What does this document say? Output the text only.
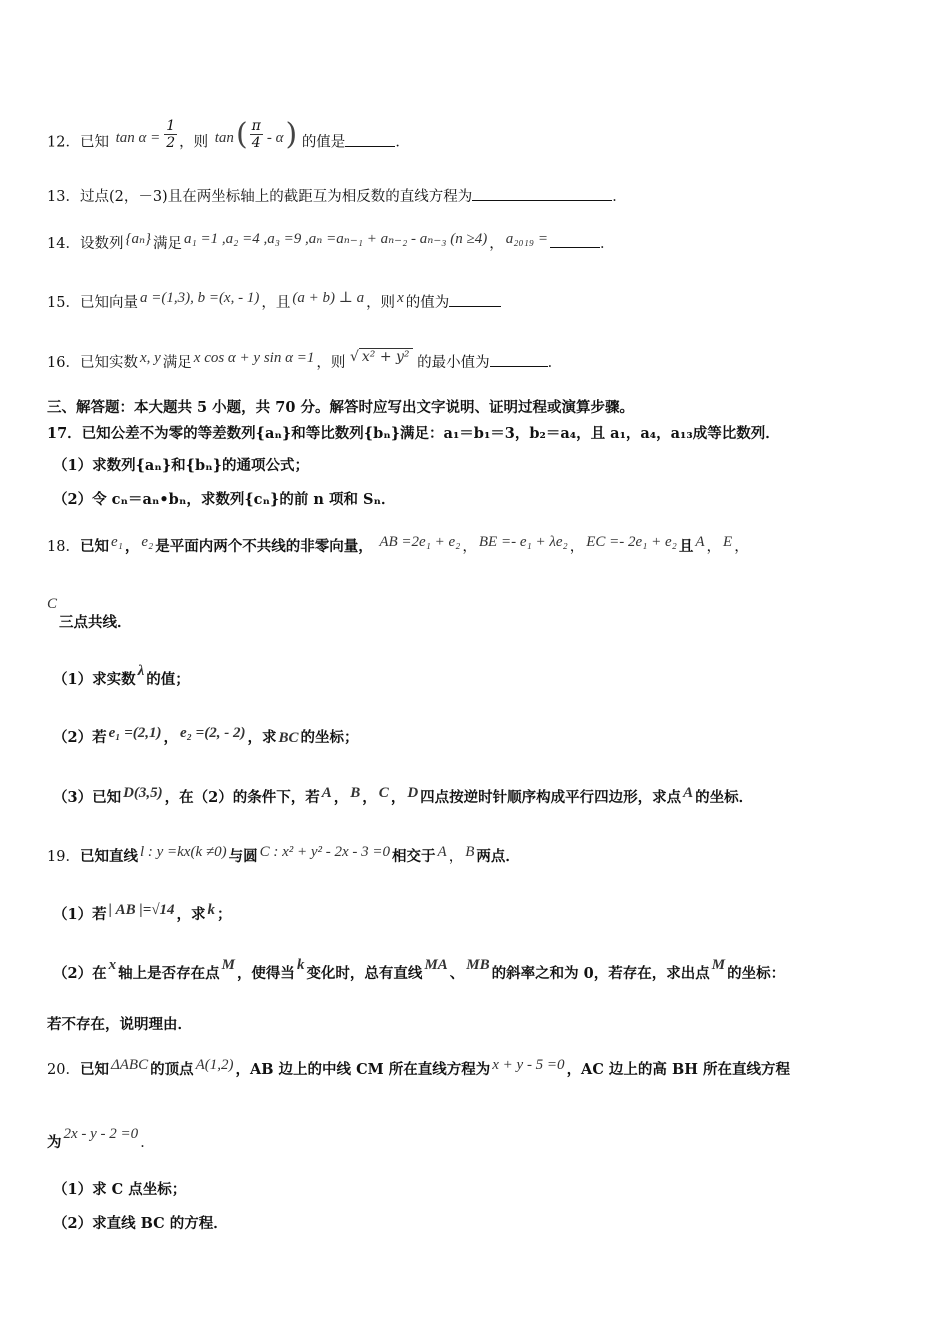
12．已知 $\tan \alpha = \frac{1}{2}$ ，则 $\tan( \frac{\pi}{4} - \alpha)$ 的值是	．
13．过点(2，－3)且在两坐标轴上的截距互为相反数的直线方程为	．
14．设数列 {aₙ} 满足 a₁ =1 ,a₂ =4 ,a₃ =9 ,aₙ =aₙ₋₁ + aₙ₋₂ - aₙ₋₃ (n ≥4) ， a₂₀₁₉ =	．
15．已知向量 a =(1,3), b =(x, - 1) ，且 (a + b) ⊥ a ，则 x 的值为
16．已知实数 x, y 满足 x cos α + y sin α =1 ，则 √ x² + y² 的最小值为	．
三、解答题：本大题共 5 小题，共 70 分。解答时应写出文字说明、证明过程或演算步骤。
17．已知公差不为零的等差数列{aₙ}和等比数列{bₙ}满足：a₁＝b₁＝3，b₂＝a₄，且 a₁，a₄，a₁₃成等比数列．
（1）求数列{aₙ}和{bₙ}的通项公式；
（2）令 cₙ＝aₙ•bₙ，求数列{cₙ}的前 n 项和 Sₙ．
18．已知 e₁ ， e₂ 是平面内两个不共线的非零向量， AB =2e₁ + e₂ ， BE =- e₁ + λe₂ ， EC =- 2e₁ + e₂ 且 A ， E ，
C三点共线．
（1）求实数 λ 的值；
（2）若 e₁ =(2,1) ， e₂ =(2, - 2) ，求 BC 的坐标；
（3）已知 D(3,5) ，在（2）的条件下，若 A ， B ， C ， D 四点按逆时针顺序构成平行四边形，求点 A 的坐标．
19．已知直线 l : y =kx(k ≠0) 与圆 C : x² + y² - 2x - 3 =0 相交于 A ， B 两点．
（1）若 | AB |=√14 ，求 k ；
（2）在 x 轴上是否存在点 M ，使得当 k 变化时，总有直线 MA 、 MB 的斜率之和为 0，若存在，求出点 M 的坐标：
若不存在，说明理由．
20．已知 ΔABC 的顶点 A(1,2) ，AB 边上的中线 CM 所在直线方程为 x + y - 5 =0 ，AC 边上的高 BH 所在直线方程
为 2x - y - 2 =0．
（1）求 C 点坐标；
（2）求直线 BC 的方程．
